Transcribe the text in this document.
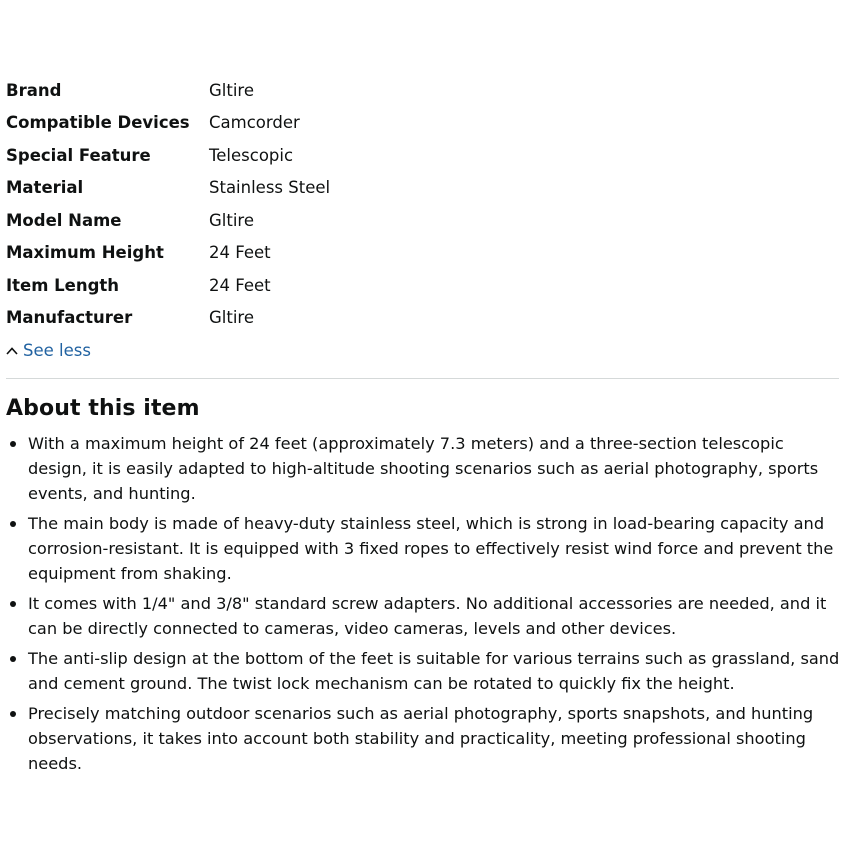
Brand	Gltire
Compatible Devices	Camcorder
Special Feature	Telescopic
Material	Stainless Steel
Model Name	Gltire
Maximum Height	24 Feet
Item Length	24 Feet
Manufacturer	Gltire
See less
About this item
With a maximum height of 24 feet (approximately 7.3 meters) and a three-section telescopic design, it is easily adapted to high-altitude shooting scenarios such as aerial photography, sports events, and hunting.
The main body is made of heavy-duty stainless steel, which is strong in load-bearing capacity and corrosion-resistant. It is equipped with 3 fixed ropes to effectively resist wind force and prevent the equipment from shaking.
It comes with 1/4" and 3/8" standard screw adapters. No additional accessories are needed, and it can be directly connected to cameras, video cameras, levels and other devices.
The anti-slip design at the bottom of the feet is suitable for various terrains such as grassland, sand and cement ground. The twist lock mechanism can be rotated to quickly fix the height.
Precisely matching outdoor scenarios such as aerial photography, sports snapshots, and hunting observations, it takes into account both stability and practicality, meeting professional shooting needs.
